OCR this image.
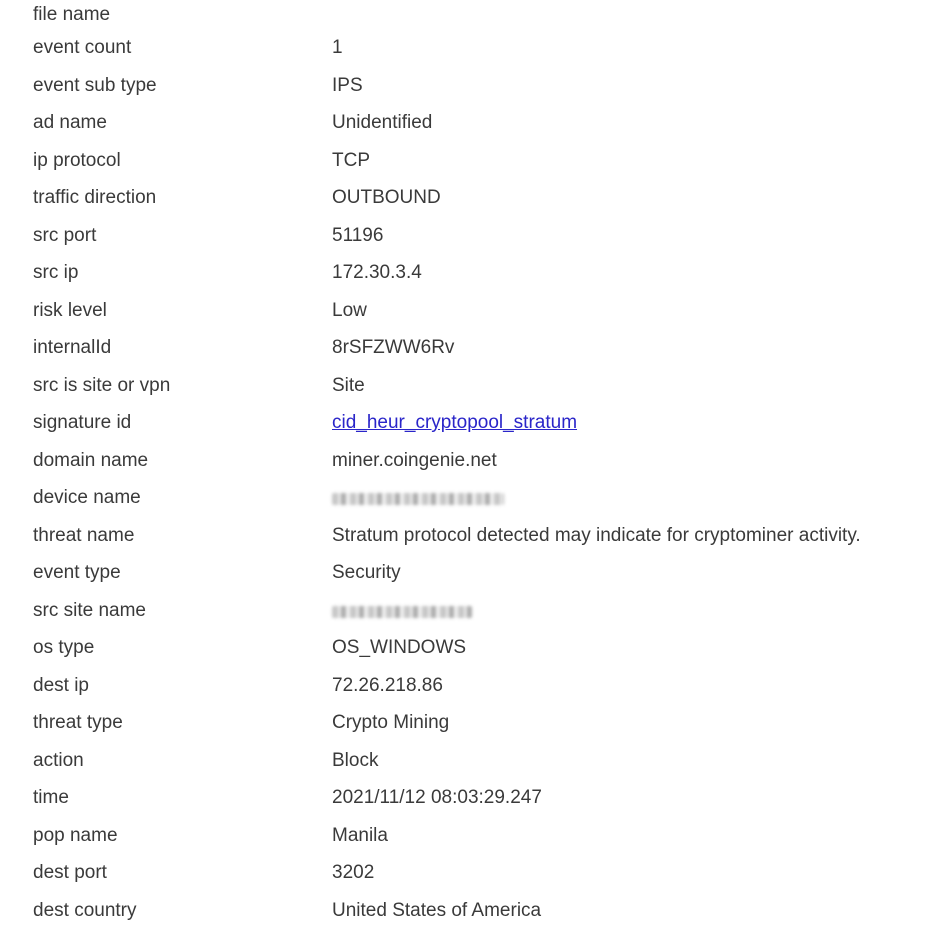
file name
event count	1
event sub type	IPS
ad name	Unidentified
ip protocol	TCP
traffic direction	OUTBOUND
src port	51196
src ip	172.30.3.4
risk level	Low
internalId	8rSFZWW6Rv
src is site or vpn	Site
signature id	cid_heur_cryptopool_stratum
domain name	miner.coingenie.net
device name
threat name	Stratum protocol detected may indicate for cryptominer activity.
event type	Security
src site name
os type	OS_WINDOWS
dest ip	72.26.218.86
threat type	Crypto Mining
action	Block
time	2021/11/12 08:03:29.247
pop name	Manila
dest port	3202
dest country	United States of America
